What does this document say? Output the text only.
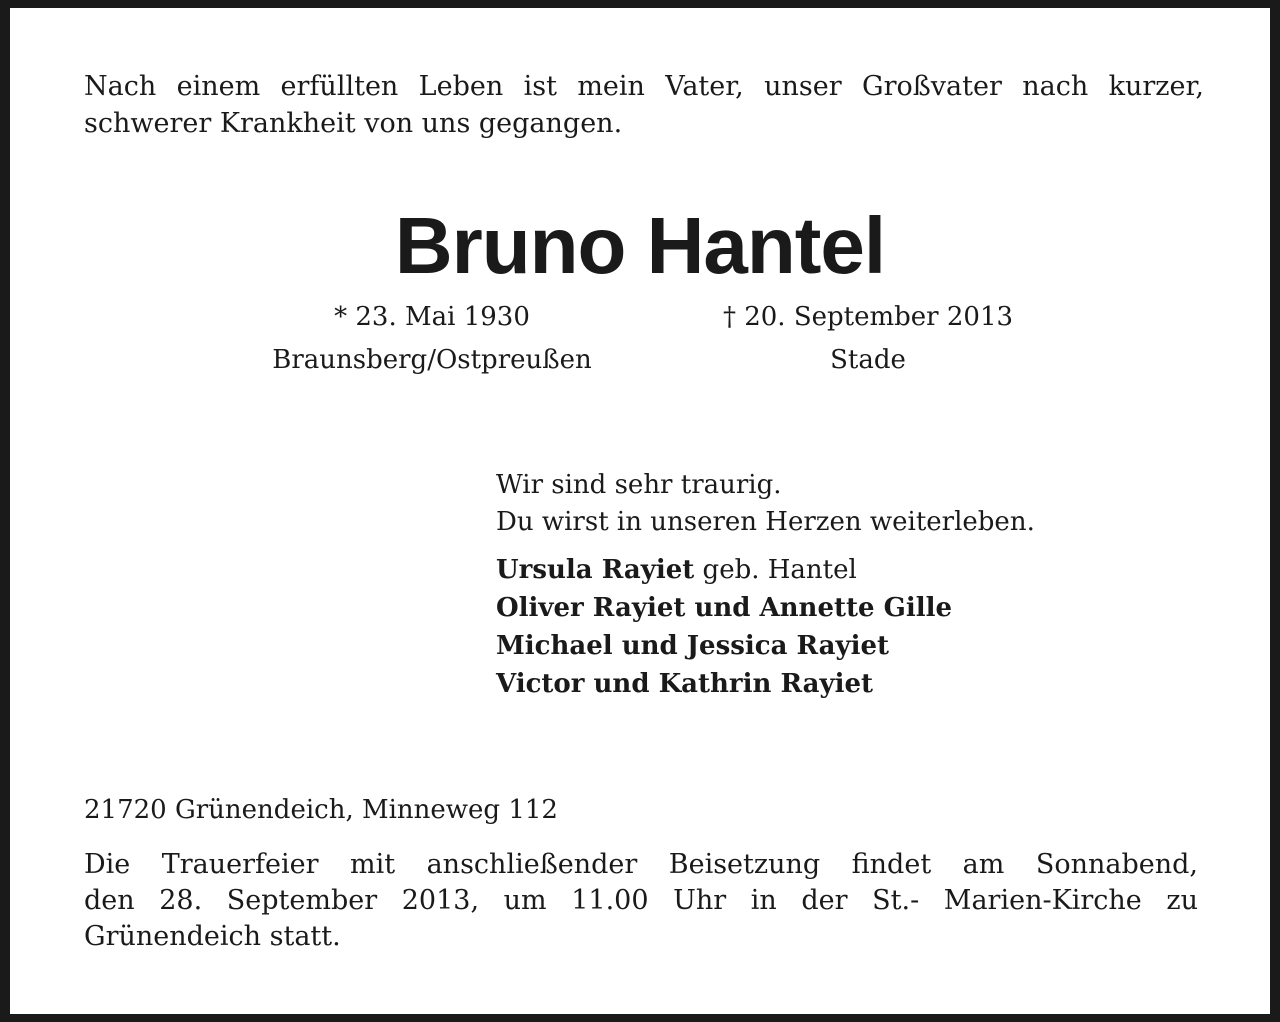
Nach einem erfüllten Leben ist mein Vater, unser Großvater nach kurzer,

schwerer Krankheit von uns gegangen.

Bruno Hantel
* 23. Mai 1930
Braunsberg/Ostpreußen
† 20. September 2013
Stade
Wir sind sehr traurig.
Du wirst in unseren Herzen weiterleben.
Ursula Rayiet geb. Hantel
Oliver Rayiet und Annette Gille
Michael und Jessica Rayiet
Victor und Kathrin Rayiet
21720 Grünendeich, Minneweg 112
Die Trauerfeier mit anschließender Beisetzung findet am Sonnabend,
den 28. September 2013, um 11.00 Uhr in der St.- Marien-Kirche zu
Grünendeich statt.
